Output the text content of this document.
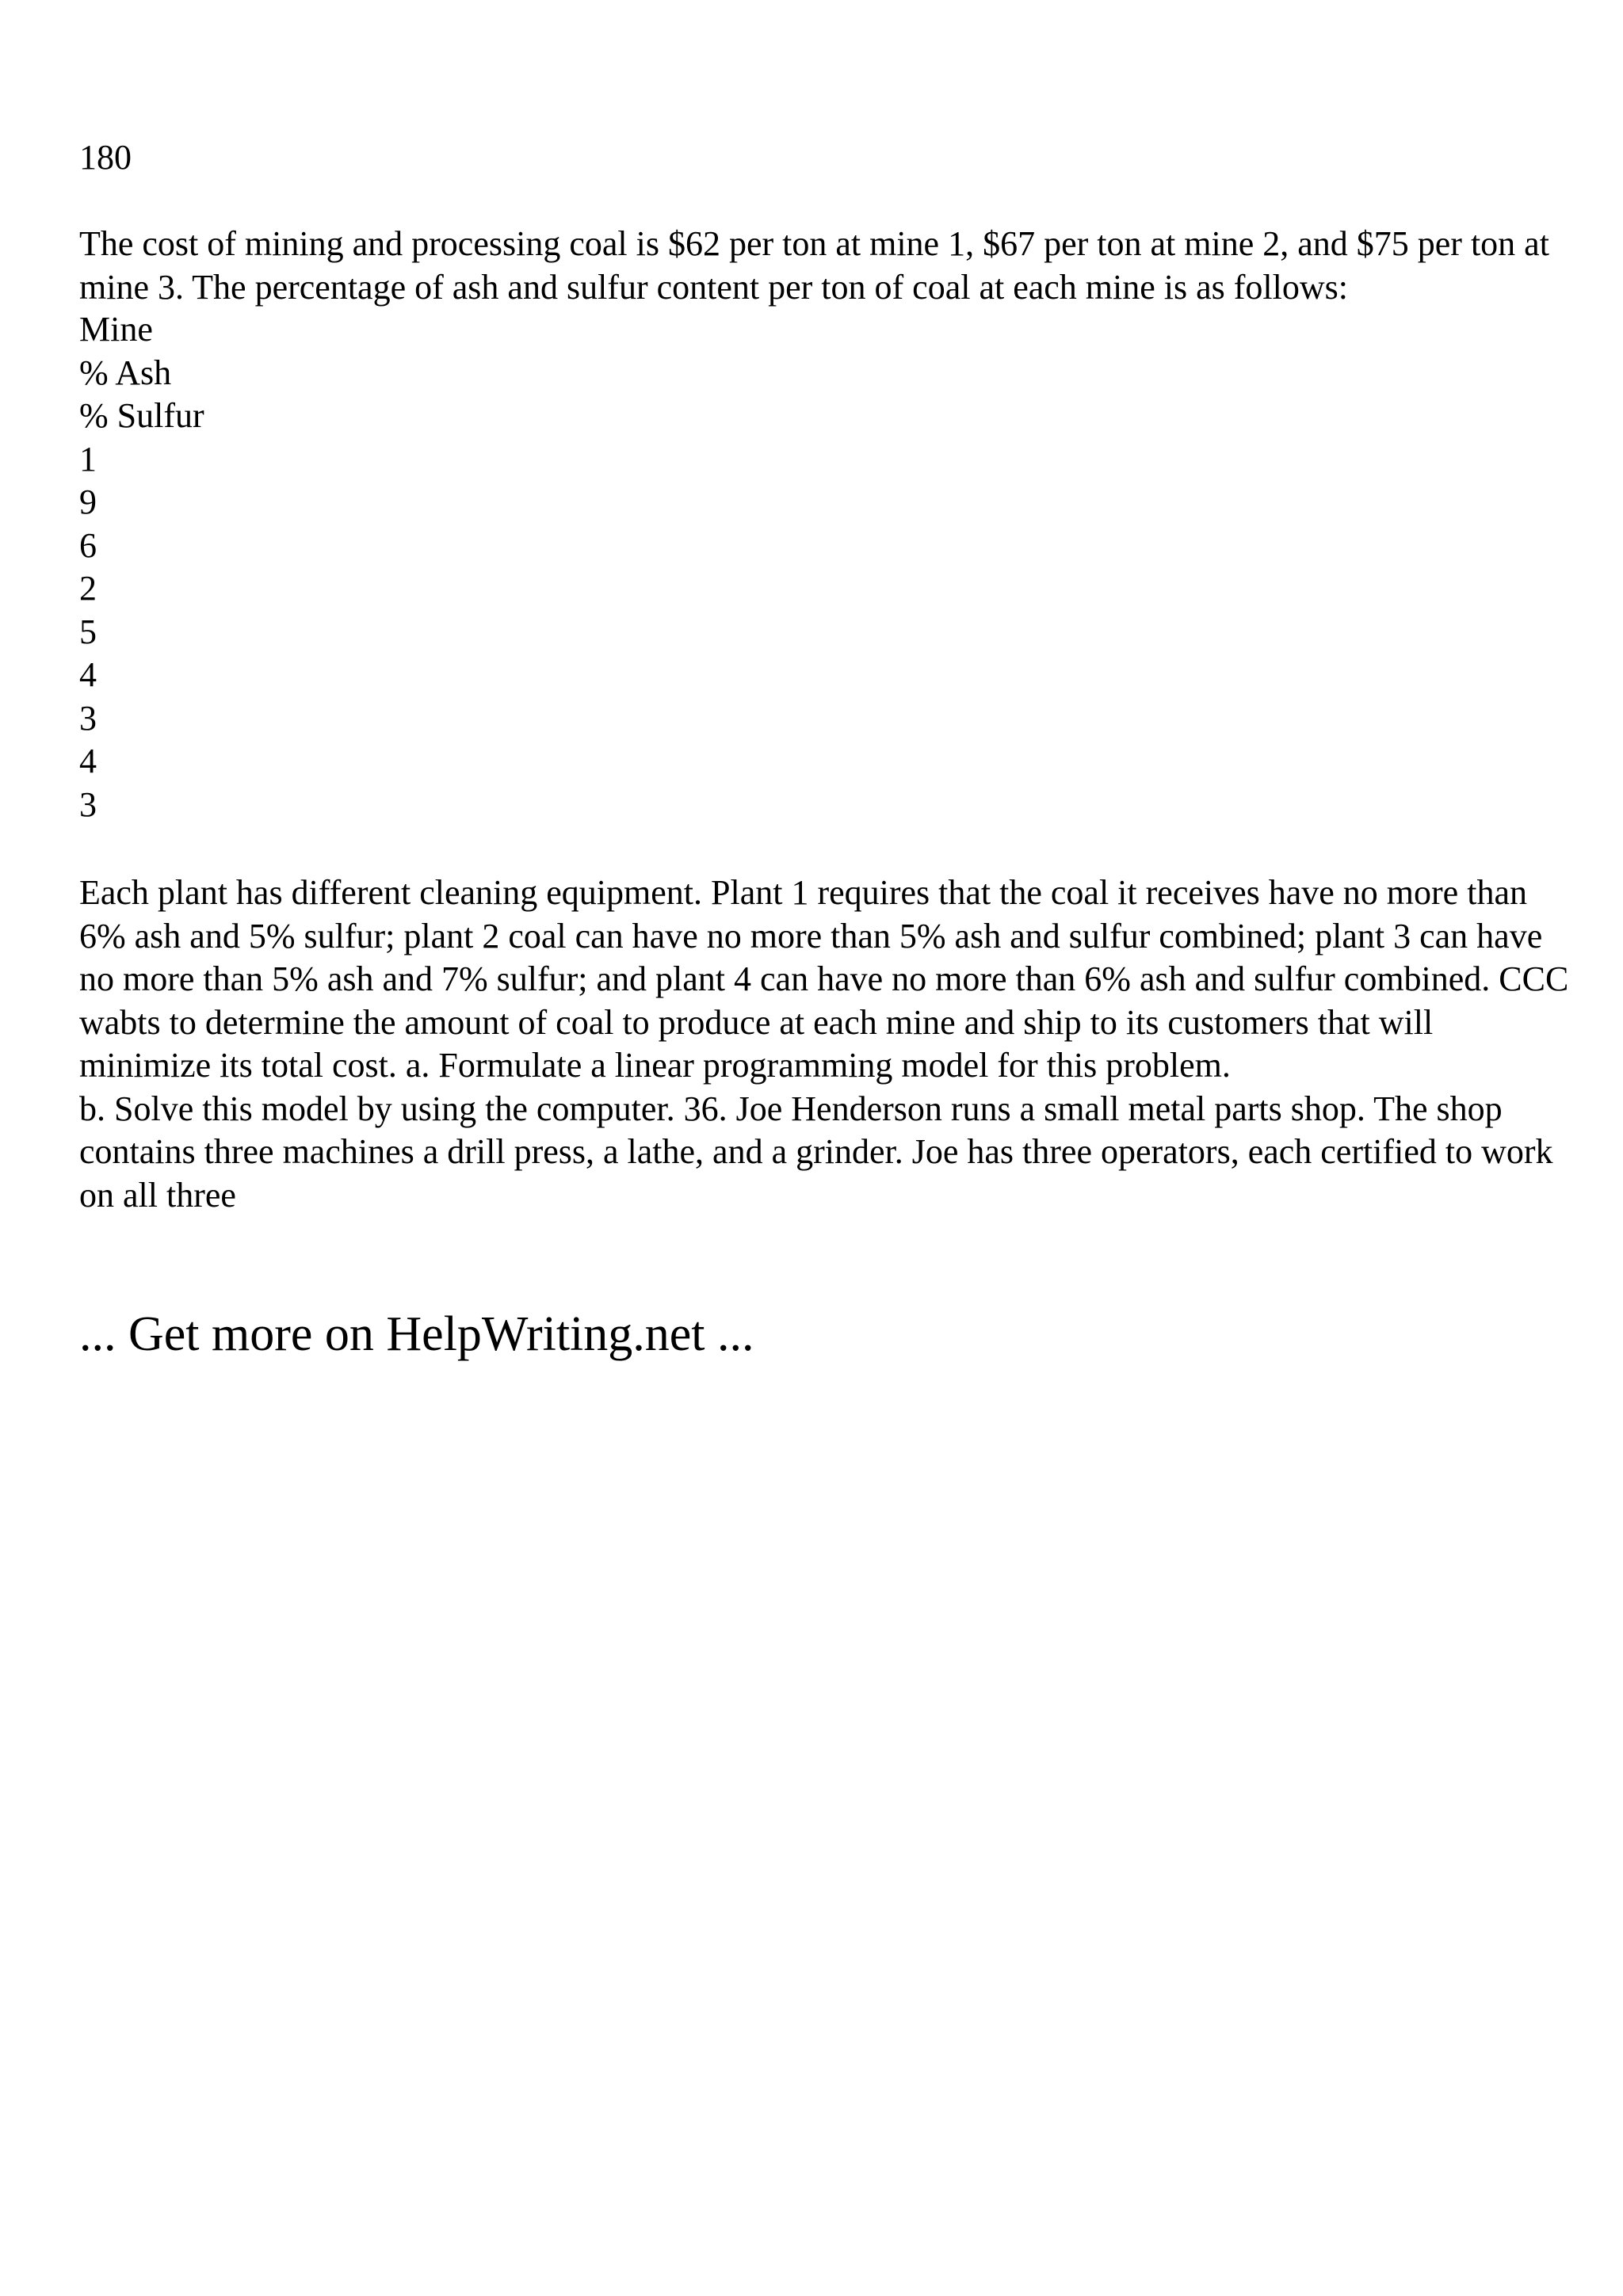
180

The cost of mining and processing coal is $62 per ton at mine 1, $67 per ton at mine 2, and $75 per ton at mine 3. The percentage of ash and sulfur content per ton of coal at each mine is as follows:

Mine
% Ash
% Sulfur
1
9
6
2
5
4
3
4
3

Each plant has different cleaning equipment. Plant 1 requires that the coal it receives have no more than 6% ash and 5% sulfur; plant 2 coal can have no more than 5% ash and sulfur combined; plant 3 can have no more than 5% ash and 7% sulfur; and plant 4 can have no more than 6% ash and sulfur combined. CCC wabts to determine the amount of coal to produce at each mine and ship to its customers that will minimize its total cost. a. Formulate a linear programming model for this problem.

b. Solve this model by using the computer. 36. Joe Henderson runs a small metal parts shop. The shop contains three machines a drill press, a lathe, and a grinder. Joe has three operators, each certified to work on all three

... Get more on HelpWriting.net ...
